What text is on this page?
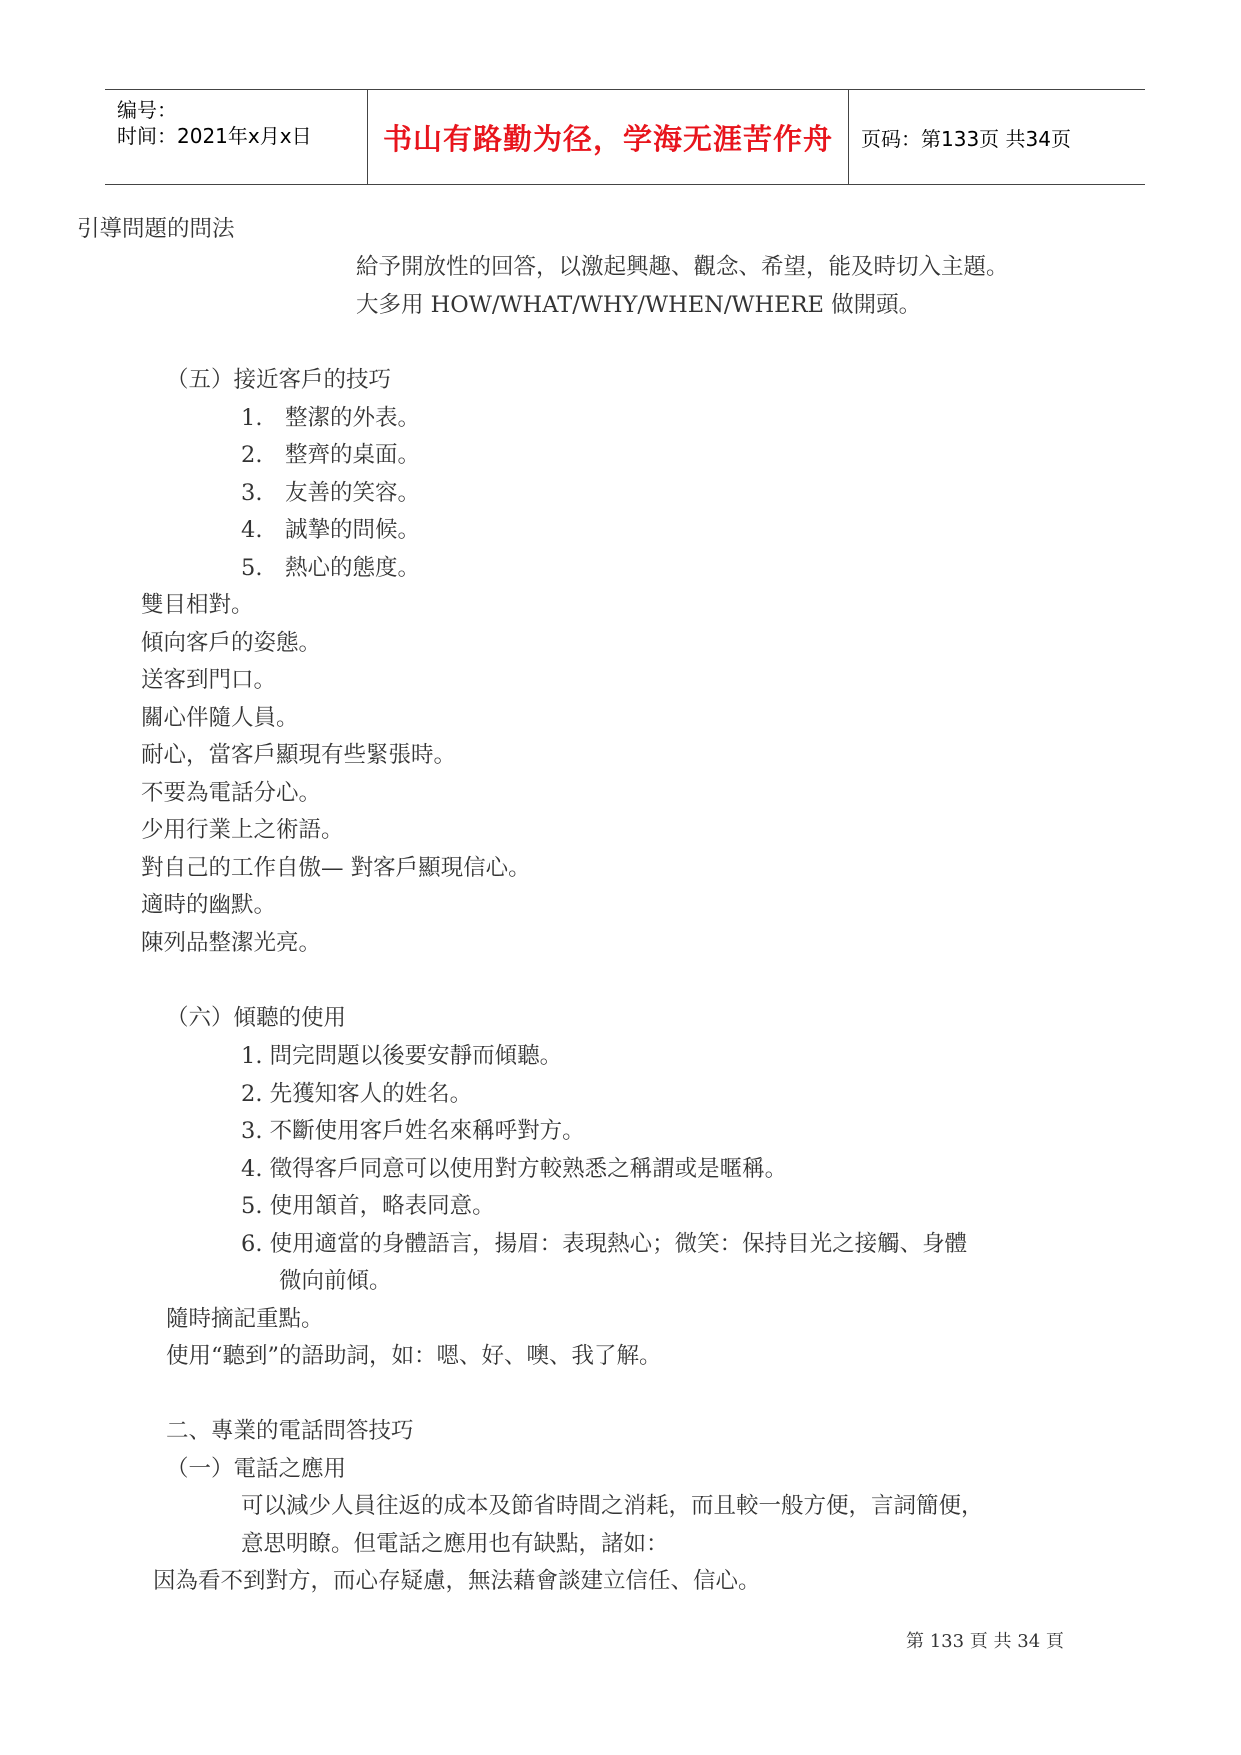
编号：
时间：2021年x月x日 书山有路勤为径，学海无涯苦作舟 页码：第133页 共34页
引導問題的問法
給予開放性的回答，以激起興趣、觀念、希望，能及時切入主題。
大多用 HOW/WHAT/WHY/WHEN/WHERE 做開頭。
（五）接近客戶的技巧
1.　整潔的外表。
2.　整齊的桌面。
3.　友善的笑容。
4.　誠摯的問候。
5.　熱心的態度。
雙目相對。
傾向客戶的姿態。
送客到門口。
關心伴隨人員。
耐心，當客戶顯現有些緊張時。
不要為電話分心。
少用行業上之術語。
對自己的工作自傲— 對客戶顯現信心。
適時的幽默。
陳列品整潔光亮。
（六）傾聽的使用
1. 問完問題以後要安靜而傾聽。
2. 先獲知客人的姓名。
3. 不斷使用客戶姓名來稱呼對方。
4. 徵得客戶同意可以使用對方較熟悉之稱謂或是暱稱。
5. 使用頷首，略表同意。
6. 使用適當的身體語言，揚眉：表現熱心；微笑：保持目光之接觸、身體
微向前傾。
隨時摘記重點。
使用“聽到”的語助詞，如：嗯、好、噢、我了解。
二、專業的電話問答技巧
（一）電話之應用
可以減少人員往返的成本及節省時間之消耗，而且較一般方便，言詞簡便，
意思明瞭。但電話之應用也有缺點，諸如：
因為看不到對方，而心存疑慮，無法藉會談建立信任、信心。
第 133 頁 共 34 頁
